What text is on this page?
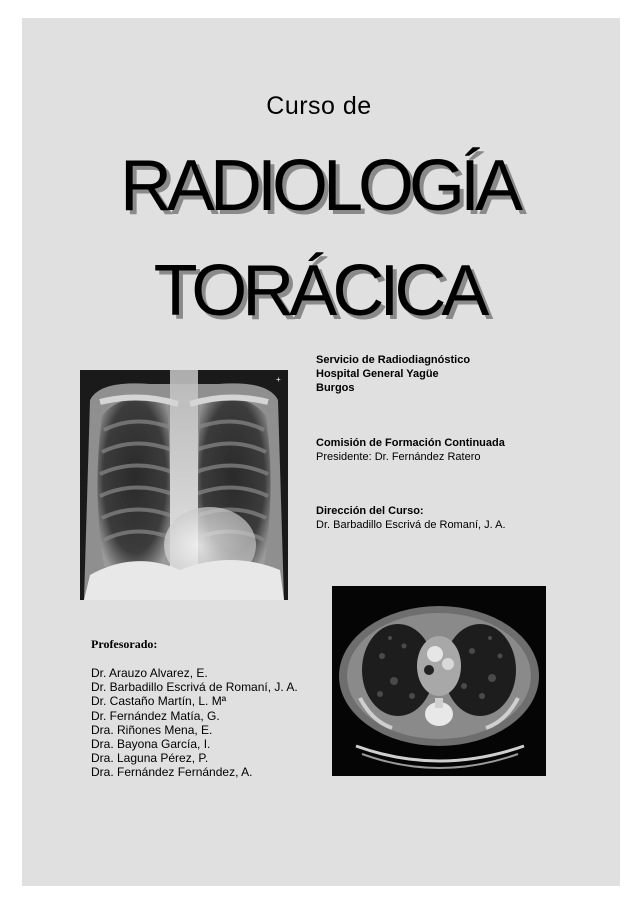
Curso de
RADIOLOGÍA
TORÁCICA
Servicio de Radiodiagnóstico
Hospital General Yagüe
Burgos
Comisión de Formación Continuada
Presidente: Dr. Fernández Ratero
Dirección del Curso:
Dr. Barbadillo Escrivá de Romaní, J. A.
+
Profesorado:
Dr. Arauzo Alvarez, E.
Dr. Barbadillo Escrivá de Romaní, J. A.
Dr. Castaño Martín, L. Mª
Dr. Fernández Matía, G.
Dra. Riñones Mena, E.
Dra. Bayona García, I.
Dra. Laguna Pérez, P.
Dra. Fernández Fernández, A.
